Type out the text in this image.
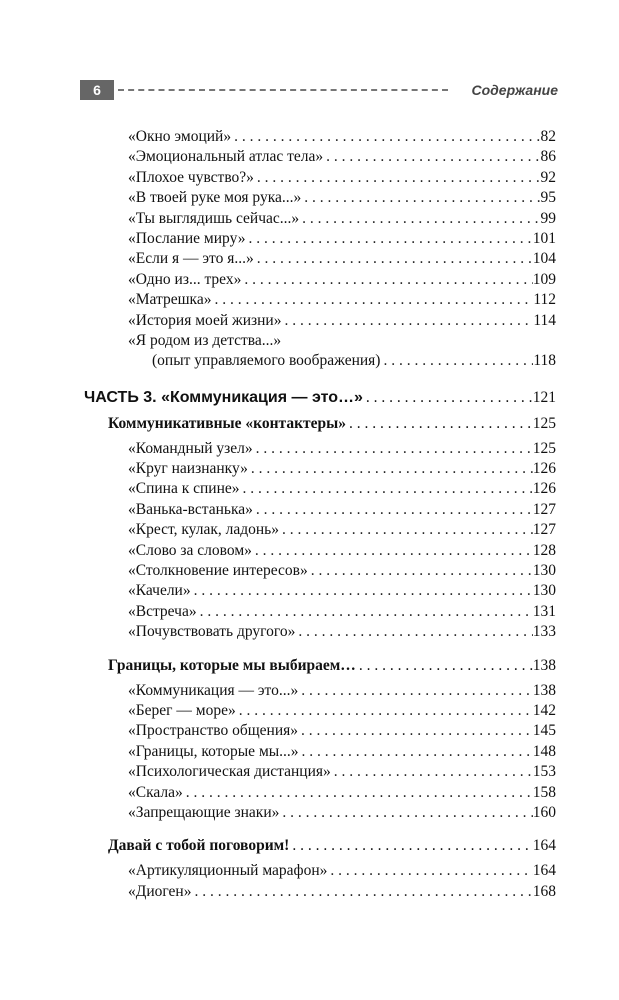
6	Содержание
«Окно эмоций» . . .	82
«Эмоциональный атлас тела» . . .	86
«Плохое чувство?» . . .	92
«В твоей руке моя рука...» . . .	95
«Ты выглядишь сейчас...» . . .	99
«Послание миру» . . .	101
«Если я — это я...» . . .	104
«Одно из... трех» . . .	109
«Матрешка» . . .	112
«История моей жизни» . . .	114
«Я родом из детства...»
(опыт управляемого воображения) . . .	118
ЧАСТЬ 3. «Коммуникация — это…» . . .	121
Коммуникативные «контактеры» . . .	125
«Командный узел» . . .	125
«Круг наизнанку» . . .	126
«Спина к спине» . . .	126
«Ванька-встанька» . . .	127
«Крест, кулак, ладонь» . . .	127
«Слово за словом» . . .	128
«Столкновение интересов» . . .	130
«Качели» . . .	130
«Встреча» . . .	131
«Почувствовать другого» . . .	133
Границы, которые мы выбираем… . . .	138
«Коммуникация — это...» . . .	138
«Берег — море» . . .	142
«Пространство общения» . . .	145
«Границы, которые мы...» . . .	148
«Психологическая дистанция» . . .	153
«Скала» . . .	158
«Запрещающие знаки» . . .	160
Давай с тобой поговорим! . . .	164
«Артикуляционный марафон» . . .	164
«Диоген» . . .	168
